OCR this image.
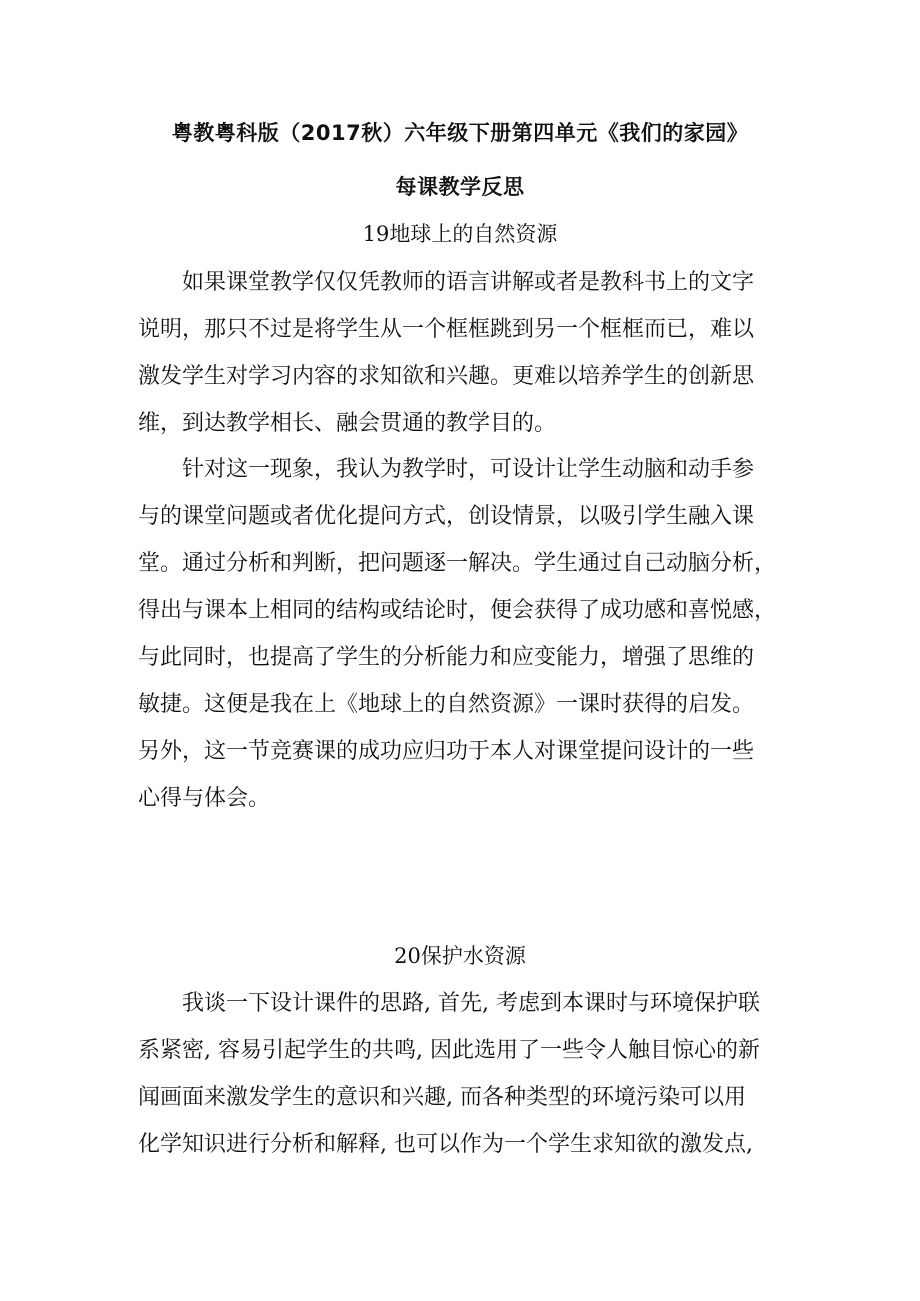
粤教粤科版（2017秋）六年级下册第四单元《我们的家园》
每课教学反思
19地球上的自然资源
如果课堂教学仅仅凭教师的语言讲解或者是教科书上的文字
说明，那只不过是将学生从一个框框跳到另一个框框而已，难以
激发学生对学习内容的求知欲和兴趣。更难以培养学生的创新思
维，到达教学相长、融会贯通的教学目的。
针对这一现象，我认为教学时，可设计让学生动脑和动手参
与的课堂问题或者优化提问方式，创设情景，以吸引学生融入课
堂。通过分析和判断，把问题逐一解决。学生通过自己动脑分析，
得出与课本上相同的结构或结论时，便会获得了成功感和喜悦感，
与此同时，也提高了学生的分析能力和应变能力，增强了思维的
敏捷。这便是我在上《地球上的自然资源》一课时获得的启发。
另外，这一节竞赛课的成功应归功于本人对课堂提问设计的一些
心得与体会。
20保护水资源
我谈一下设计课件的思路, 首先, 考虑到本课时与环境保护联
系紧密, 容易引起学生的共鸣, 因此选用了一些令人触目惊心的新
闻画面来激发学生的意识和兴趣, 而各种类型的环境污染可以用
化学知识进行分析和解释, 也可以作为一个学生求知欲的激发点,
